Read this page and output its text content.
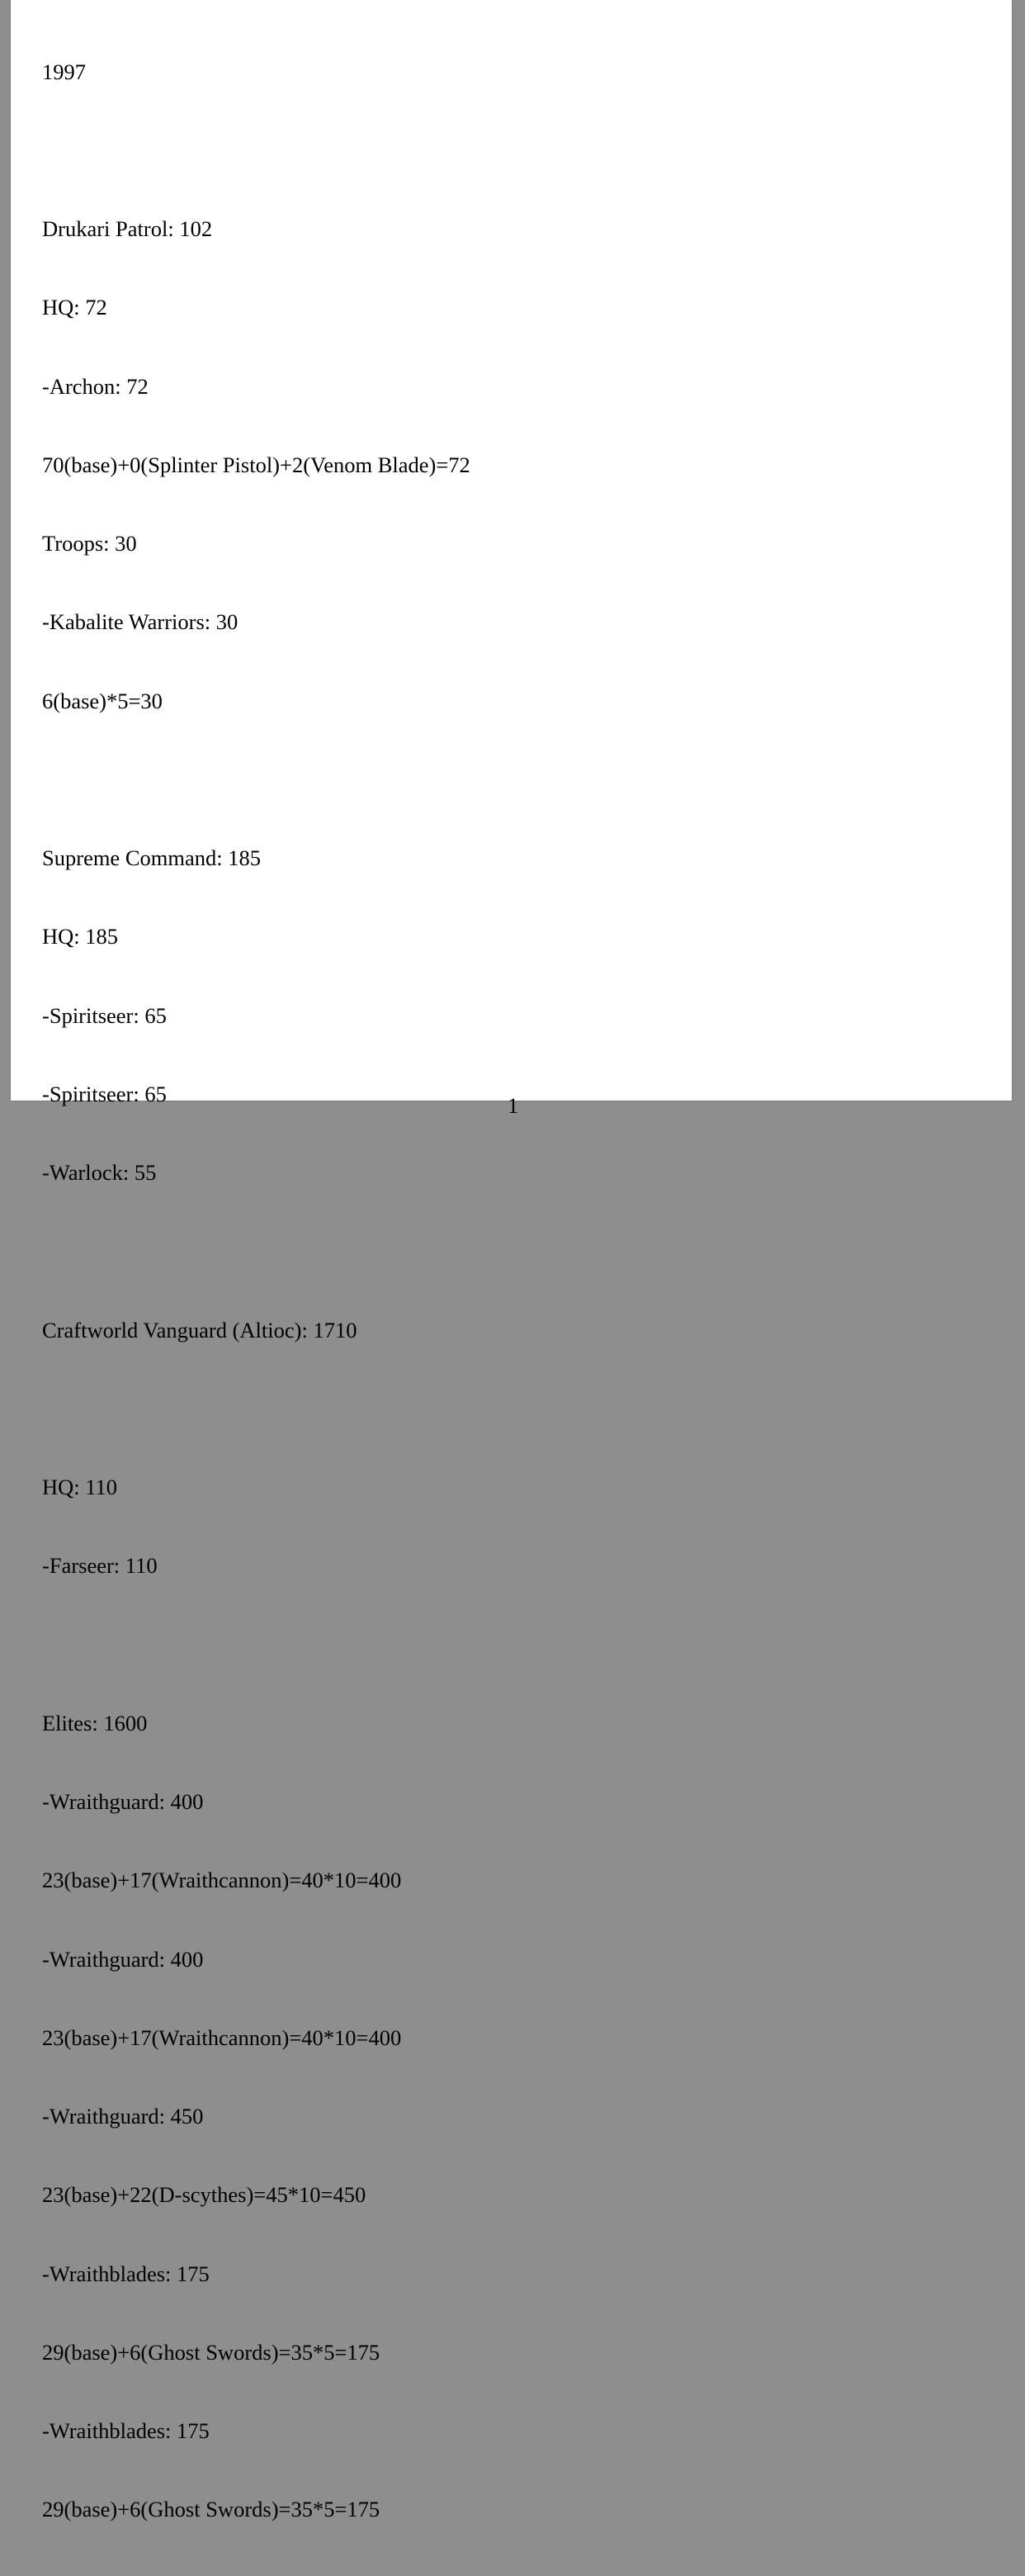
1997

Drukari Patrol: 102

HQ: 72

-Archon: 72

70(base)+0(Splinter Pistol)+2(Venom Blade)=72

Troops: 30

-Kabalite Warriors: 30

6(base)*5=30

Supreme Command: 185

HQ: 185

-Spiritseer: 65

-Spiritseer: 65

-Warlock: 55

Craftworld Vanguard (Altioc): 1710

HQ: 110

-Farseer: 110

Elites: 1600

-Wraithguard: 400

23(base)+17(Wraithcannon)=40*10=400

-Wraithguard: 400

23(base)+17(Wraithcannon)=40*10=400

-Wraithguard: 450

23(base)+22(D-scythes)=45*10=450

-Wraithblades: 175

29(base)+6(Ghost Swords)=35*5=175

-Wraithblades: 175

29(base)+6(Ghost Swords)=35*5=175

1
